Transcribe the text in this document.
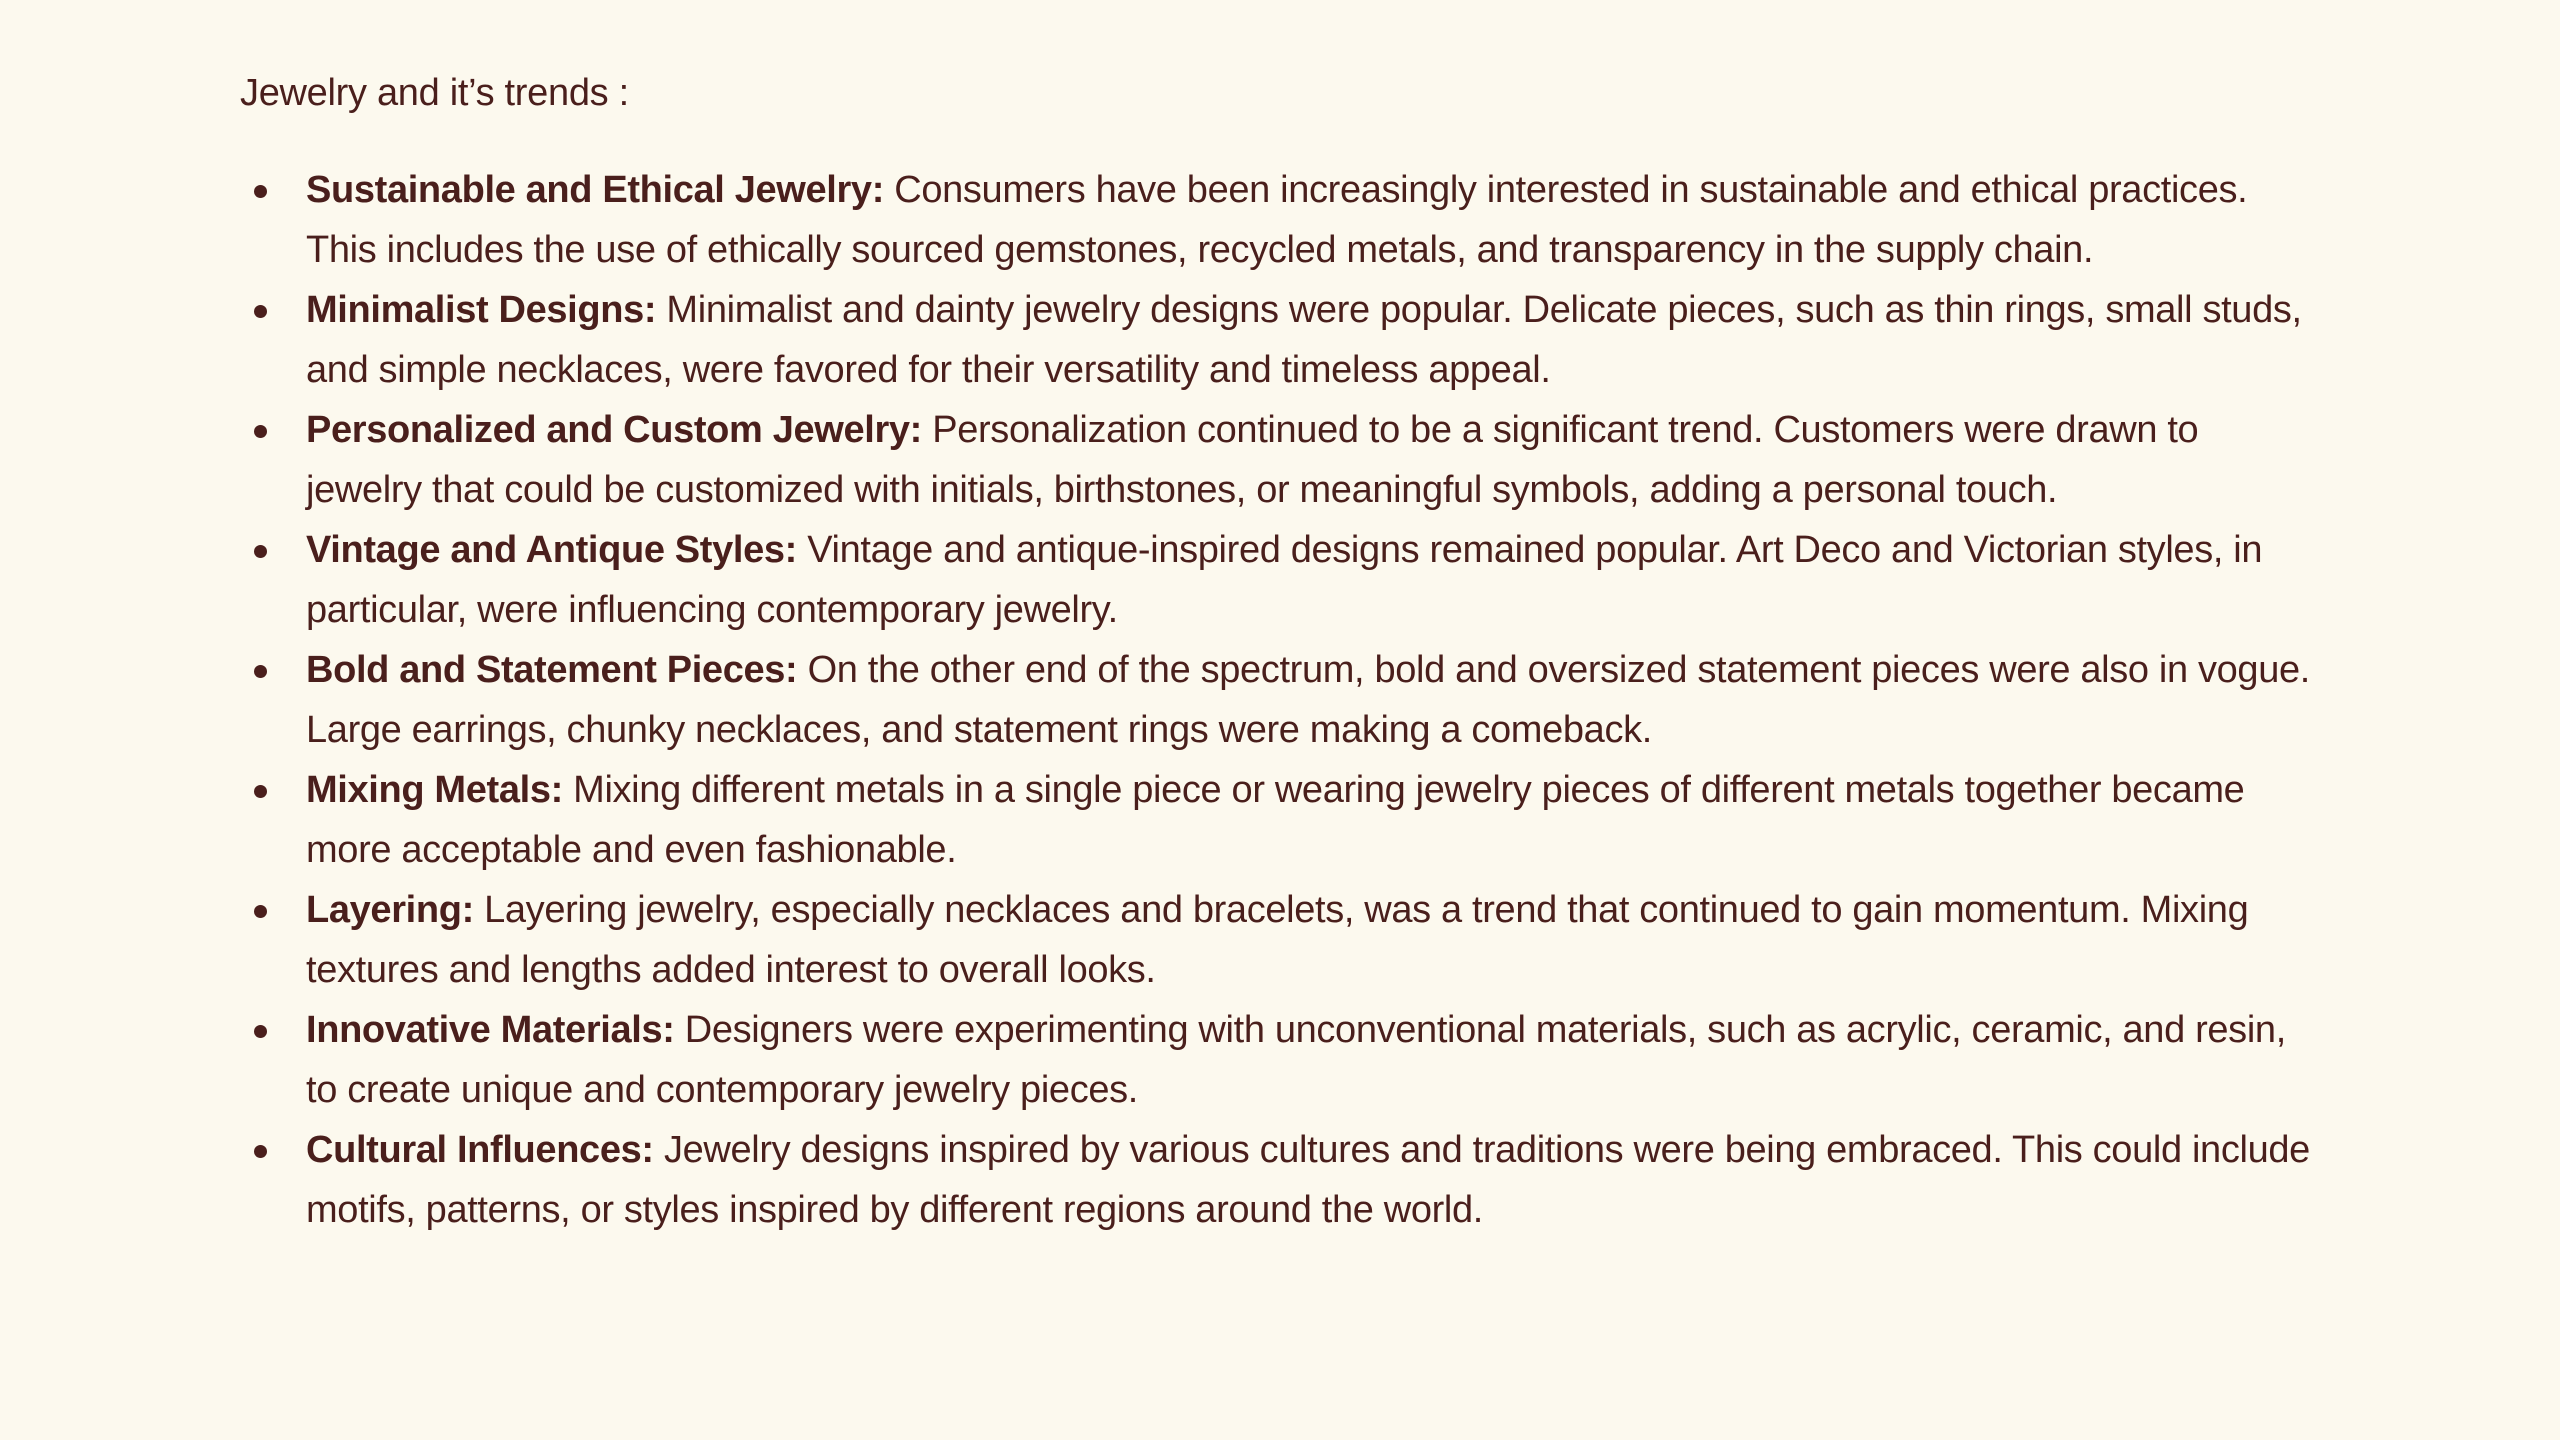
Jewelry and it’s trends :
Sustainable and Ethical Jewelry: Consumers have been increasingly interested in sustainable and ethical practices. This includes the use of ethically sourced gemstones, recycled metals, and transparency in the supply chain.
Minimalist Designs: Minimalist and dainty jewelry designs were popular. Delicate pieces, such as thin rings, small studs, and simple necklaces, were favored for their versatility and timeless appeal.
Personalized and Custom Jewelry: Personalization continued to be a significant trend. Customers were drawn to jewelry that could be customized with initials, birthstones, or meaningful symbols, adding a personal touch.
Vintage and Antique Styles: Vintage and antique-inspired designs remained popular. Art Deco and Victorian styles, in particular, were influencing contemporary jewelry.
Bold and Statement Pieces: On the other end of the spectrum, bold and oversized statement pieces were also in vogue. Large earrings, chunky necklaces, and statement rings were making a comeback.
Mixing Metals: Mixing different metals in a single piece or wearing jewelry pieces of different metals together became more acceptable and even fashionable.
Layering: Layering jewelry, especially necklaces and bracelets, was a trend that continued to gain momentum. Mixing textures and lengths added interest to overall looks.
Innovative Materials: Designers were experimenting with unconventional materials, such as acrylic, ceramic, and resin, to create unique and contemporary jewelry pieces.
Cultural Influences: Jewelry designs inspired by various cultures and traditions were being embraced. This could include motifs, patterns, or styles inspired by different regions around the world.
